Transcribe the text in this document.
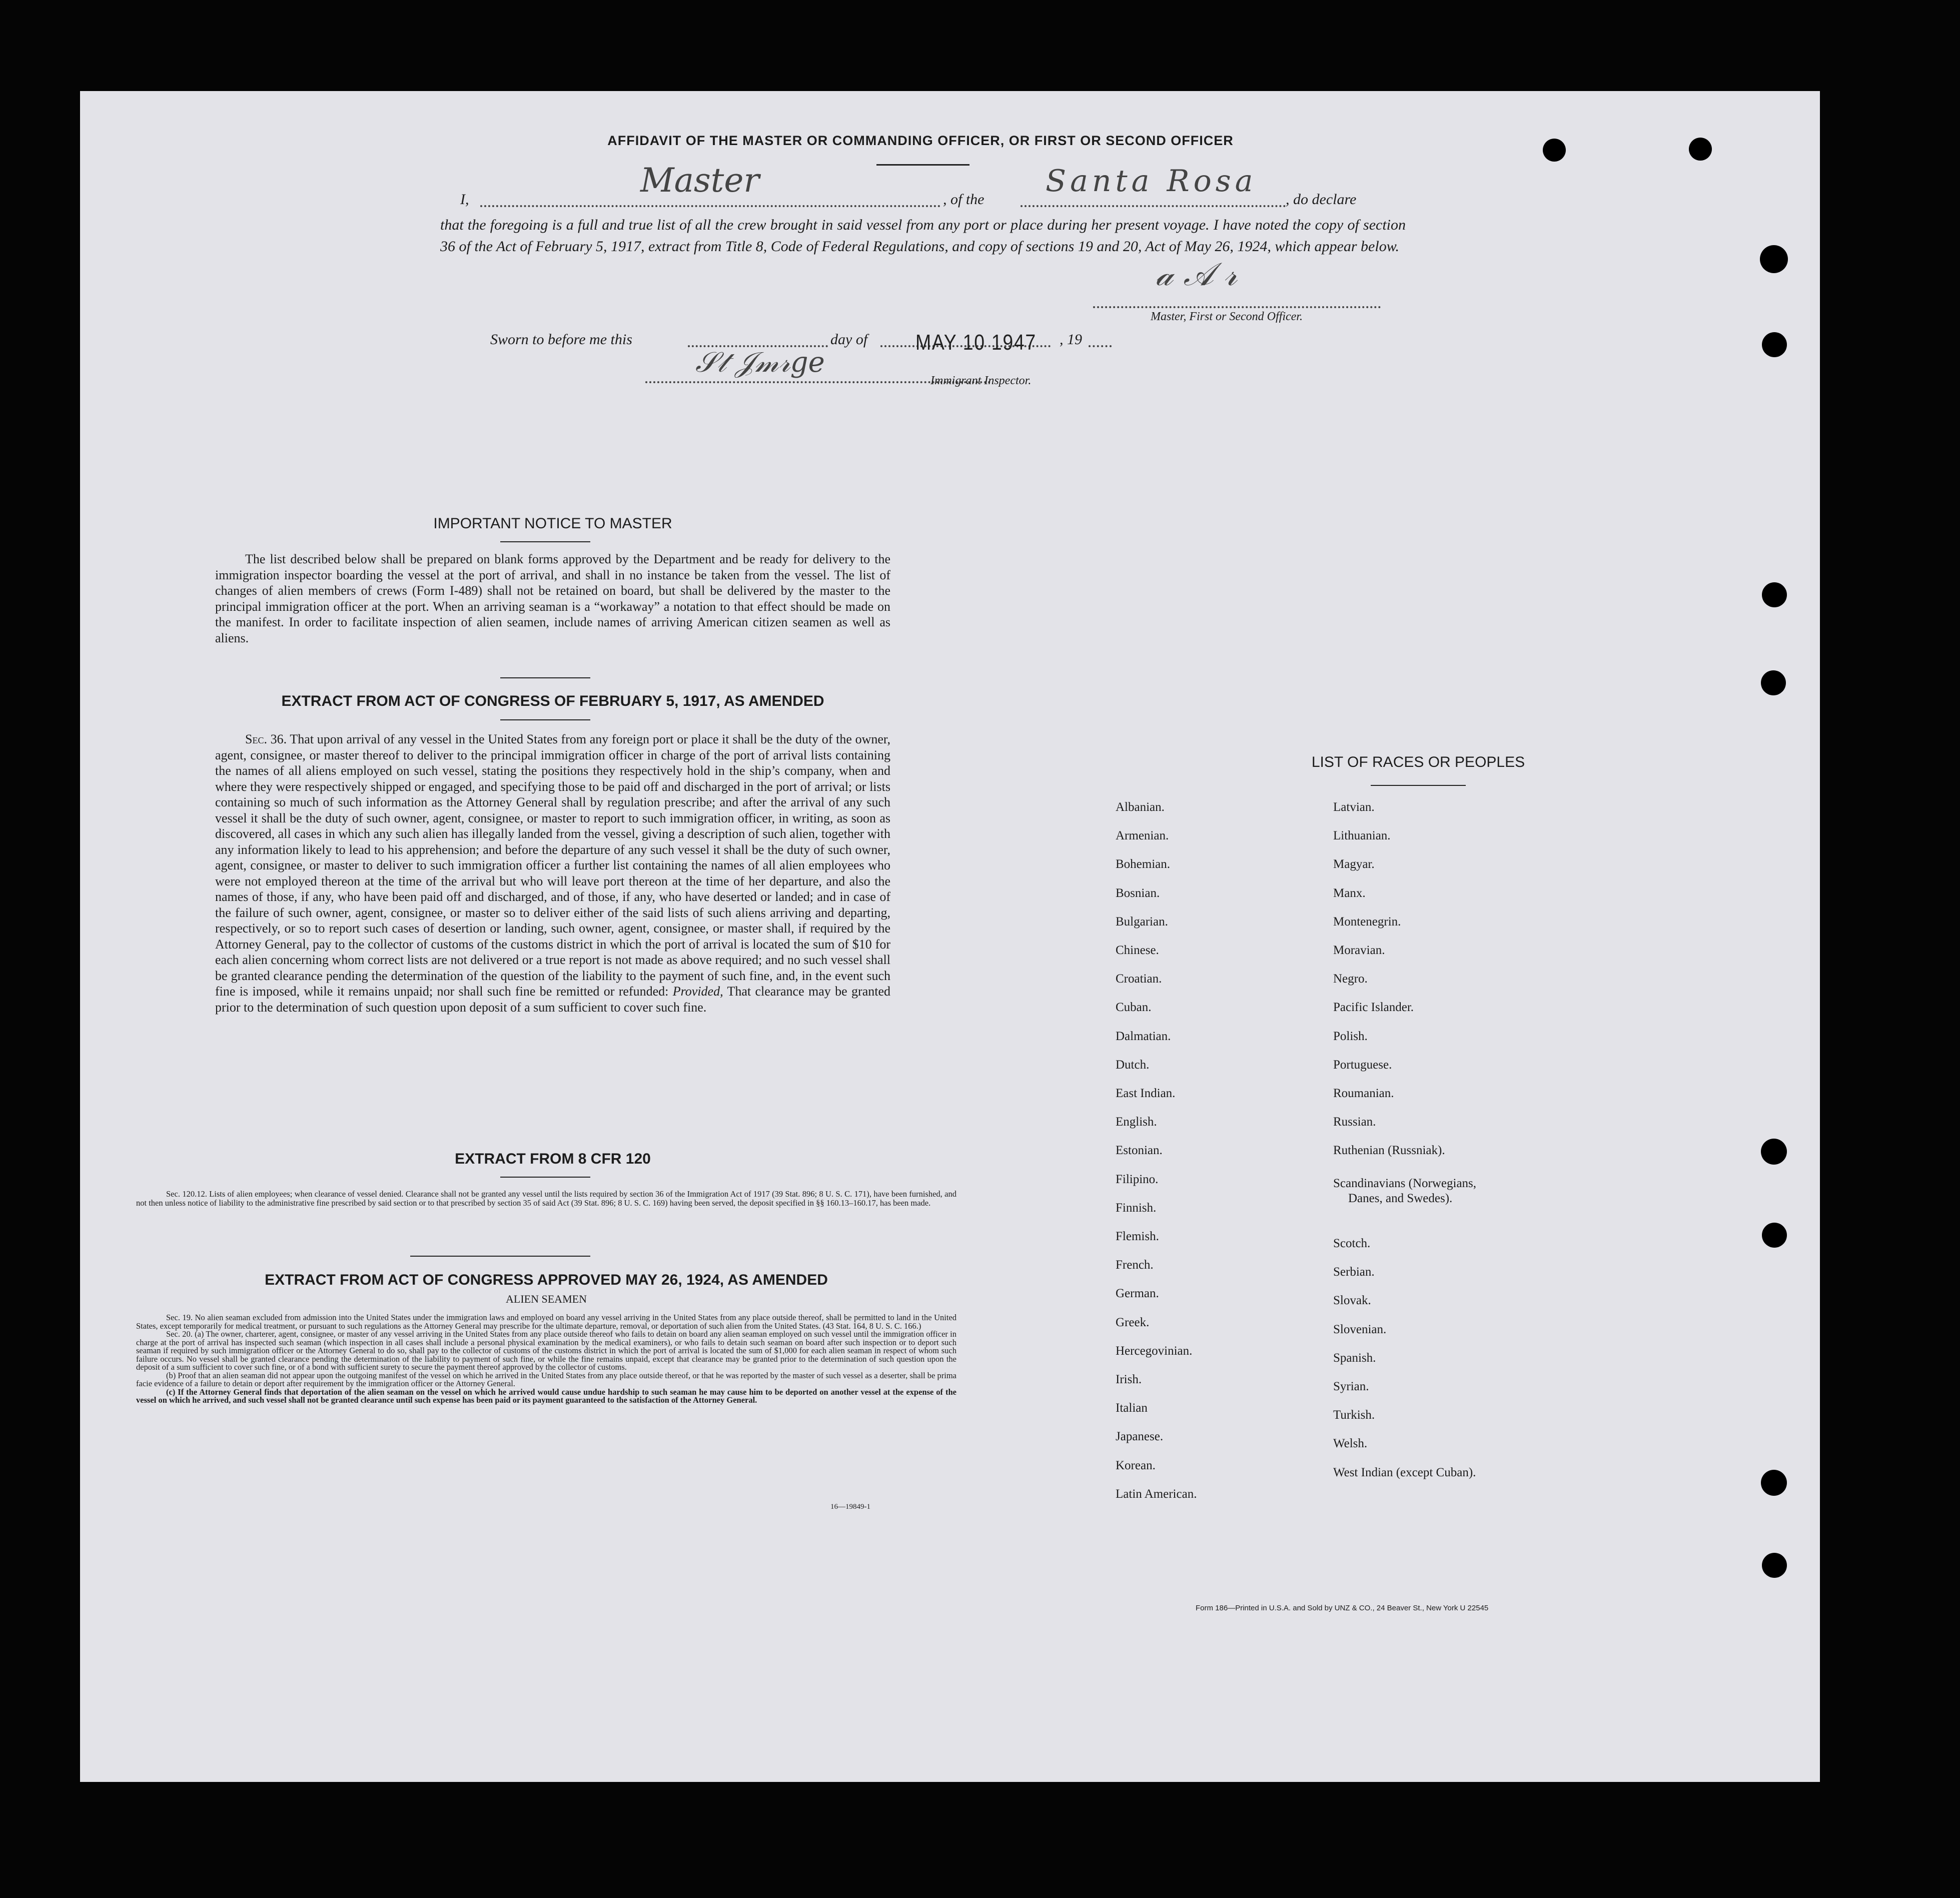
AFFIDAVIT OF THE MASTER OR COMMANDING OFFICER, OR FIRST OR SECOND OFFICER
I,	Master	, of the
Santa Rosa
, do declare
that the foregoing is a full and true list of all the crew brought in said vessel from any port or place during her present voyage. I have noted the copy of section 36 of the Act of February 5, 1917, extract from Title 8, Code of Federal Regulations, and copy of sections 19 and 20, Act of May 26, 1924, which appear below.
𝒶 𝒜 𝓇
Master, First or Second Officer.
Sworn to before me this	day of MAY 10 1947 , 19
𝒮𝓉 𝒥𝓂𝓇𝑔𝑒
Immigrant Inspector.
IMPORTANT NOTICE TO MASTER
The list described below shall be prepared on blank forms approved by the Department and be ready for delivery to the immigration inspector boarding the vessel at the port of arrival, and shall in no instance be taken from the vessel. The list of changes of alien members of crews (Form I-489) shall not be retained on board, but shall be delivered by the master to the principal immigration officer at the port. When an arriving seaman is a “workaway” a notation to that effect should be made on the manifest. In order to facilitate inspection of alien seamen, include names of arriving American citizen seamen as well as aliens.
EXTRACT FROM ACT OF CONGRESS OF FEBRUARY 5, 1917, AS AMENDED
Sec. 36. That upon arrival of any vessel in the United States from any foreign port or place it shall be the duty of the owner, agent, consignee, or master thereof to deliver to the principal immigration officer in charge of the port of arrival lists containing the names of all aliens employed on such vessel, stating the positions they respectively hold in the ship’s company, when and where they were respectively shipped or engaged, and specifying those to be paid off and discharged in the port of arrival; or lists containing so much of such information as the Attorney General shall by regulation prescribe; and after the arrival of any such vessel it shall be the duty of such owner, agent, consignee, or master to report to such immigration officer, in writing, as soon as discovered, all cases in which any such alien has illegally landed from the vessel, giving a description of such alien, together with any information likely to lead to his apprehension; and before the departure of any such vessel it shall be the duty of such owner, agent, consignee, or master to deliver to such immigration officer a further list containing the names of all alien employees who were not employed thereon at the time of the arrival but who will leave port thereon at the time of her departure, and also the names of those, if any, who have been paid off and discharged, and of those, if any, who have deserted or landed; and in case of the failure of such owner, agent, consignee, or master so to deliver either of the said lists of such aliens arriving and departing, respectively, or so to report such cases of desertion or landing, such owner, agent, consignee, or master shall, if required by the Attorney General, pay to the collector of customs of the customs district in which the port of arrival is located the sum of $10 for each alien concerning whom correct lists are not delivered or a true report is not made as above required; and no such vessel shall be granted clearance pending the determination of the question of the liability to the payment of such fine, and, in the event such fine is imposed, while it remains unpaid; nor shall such fine be remitted or refunded: Provided, That clearance may be granted prior to the determination of such question upon deposit of a sum sufficient to cover such fine.
EXTRACT FROM 8 CFR 120
Sec. 120.12. Lists of alien employees; when clearance of vessel denied. Clearance shall not be granted any vessel until the lists required by section 36 of the Immigration Act of 1917 (39 Stat. 896; 8 U. S. C. 171), have been furnished, and not then unless notice of liability to the administrative fine prescribed by said section or to that prescribed by section 35 of said Act (39 Stat. 896; 8 U. S. C. 169) having been served, the deposit specified in §§ 160.13–160.17, has been made.
EXTRACT FROM ACT OF CONGRESS APPROVED MAY 26, 1924, AS AMENDED
ALIEN SEAMEN

Sec. 19. No alien seaman excluded from admission into the United States under the immigration laws and employed on board any vessel arriving in the United States from any place outside thereof, shall be permitted to land in the United States, except temporarily for medical treatment, or pursuant to such regulations as the Attorney General may prescribe for the ultimate departure, removal, or deportation of such alien from the United States. (43 Stat. 164, 8 U. S. C. 166.)

Sec. 20. (a) The owner, charterer, agent, consignee, or master of any vessel arriving in the United States from any place outside thereof who fails to detain on board any alien seaman employed on such vessel until the immigration officer in charge at the port of arrival has inspected such seaman (which inspection in all cases shall include a personal physical examination by the medical examiners), or who fails to detain such seaman on board after such inspection or to deport such seaman if required by such immigration officer or the Attorney General to do so, shall pay to the collector of customs of the customs district in which the port of arrival is located the sum of $1,000 for each alien seaman in respect of whom such failure occurs. No vessel shall be granted clearance pending the determination of the liability to payment of such fine, or while the fine remains unpaid, except that clearance may be granted prior to the determination of such question upon the deposit of a sum sufficient to cover such fine, or of a bond with sufficient surety to secure the payment thereof approved by the collector of customs.

(b) Proof that an alien seaman did not appear upon the outgoing manifest of the vessel on which he arrived in the United States from any place outside thereof, or that he was reported by the master of such vessel as a deserter, shall be prima facie evidence of a failure to detain or deport after requirement by the immigration officer or the Attorney General.

(c) If the Attorney General finds that deportation of the alien seaman on the vessel on which he arrived would cause undue hardship to such seaman he may cause him to be deported on another vessel at the expense of the vessel on which he arrived, and such vessel shall not be granted clearance until such expense has been paid or its payment guaranteed to the satisfaction of the Attorney General.

16—19849-1
LIST OF RACES OR PEOPLES
Albanian.
Armenian.
Bohemian.
Bosnian.
Bulgarian.
Chinese.
Croatian.
Cuban.
Dalmatian.
Dutch.
East Indian.
English.
Estonian.
Filipino.
Finnish.
Flemish.
French.
German.
Greek.
Hercegovinian.
Irish.
Italian
Japanese.
Korean.
Latin American.
Latvian.
Lithuanian.
Magyar.
Manx.
Montenegrin.
Moravian.
Negro.
Pacific Islander.
Polish.
Portuguese.
Roumanian.
Russian.
Ruthenian (Russniak).
Scandinavians (Norwegians,
Danes, and Swedes).
Scotch.
Serbian.
Slovak.
Slovenian.
Spanish.
Syrian.
Turkish.
Welsh.
West Indian (except Cuban).
Form 186—Printed in U.S.A. and Sold by UNZ & CO., 24 Beaver St., New York U 22545
